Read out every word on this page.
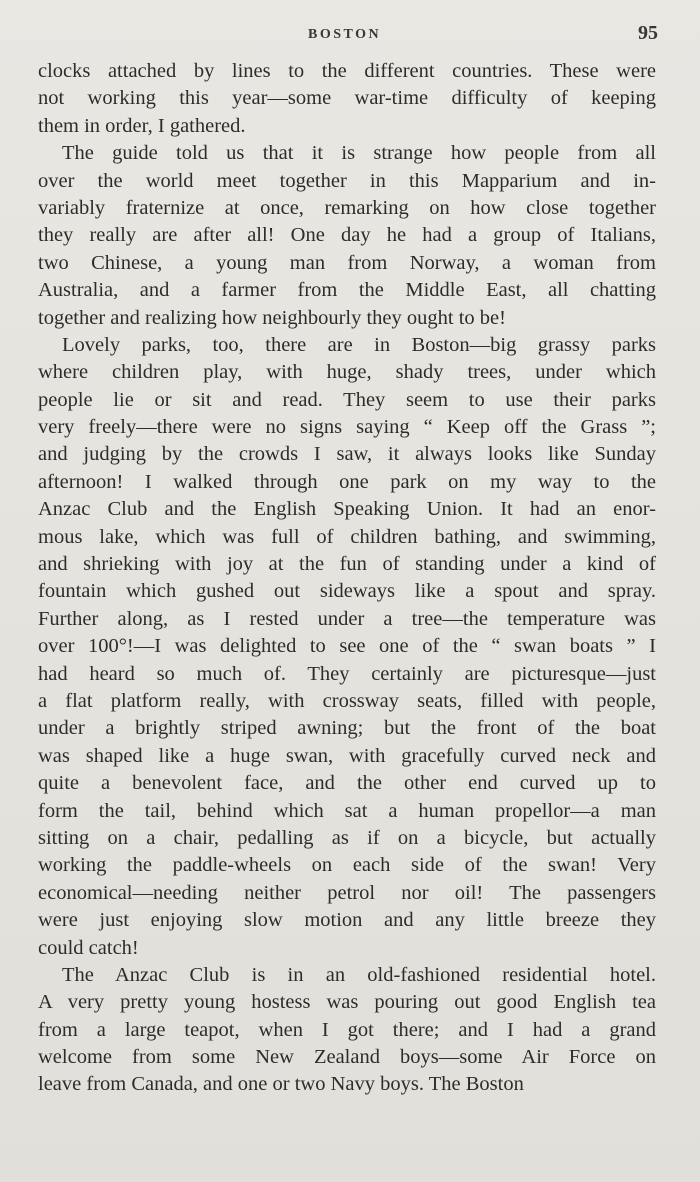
BOSTON	95
clocks attached by lines to the different countries. These were
not working this year—some war-time difficulty of keeping
them in order, I gathered.
The guide told us that it is strange how people from all
over the world meet together in this Mapparium and in-
variably fraternize at once, remarking on how close together
they really are after all! One day he had a group of Italians,
two Chinese, a young man from Norway, a woman from
Australia, and a farmer from the Middle East, all chatting
together and realizing how neighbourly they ought to be!
Lovely parks, too, there are in Boston—big grassy parks
where children play, with huge, shady trees, under which
people lie or sit and read. They seem to use their parks
very freely—there were no signs saying “ Keep off the Grass ”;
and judging by the crowds I saw, it always looks like Sunday
afternoon! I walked through one park on my way to the
Anzac Club and the English Speaking Union. It had an enor-
mous lake, which was full of children bathing, and swimming,
and shrieking with joy at the fun of standing under a kind of
fountain which gushed out sideways like a spout and spray.
Further along, as I rested under a tree—the temperature was
over 100°!—I was delighted to see one of the “ swan boats ” I
had heard so much of. They certainly are picturesque—just
a flat platform really, with crossway seats, filled with people,
under a brightly striped awning; but the front of the boat
was shaped like a huge swan, with gracefully curved neck and
quite a benevolent face, and the other end curved up to
form the tail, behind which sat a human propellor—a man
sitting on a chair, pedalling as if on a bicycle, but actually
working the paddle-wheels on each side of the swan! Very
economical—needing neither petrol nor oil! The passengers
were just enjoying slow motion and any little breeze they
could catch!
The Anzac Club is in an old-fashioned residential hotel.
A very pretty young hostess was pouring out good English tea
from a large teapot, when I got there; and I had a grand
welcome from some New Zealand boys—some Air Force on
leave from Canada, and one or two Navy boys. The Boston
